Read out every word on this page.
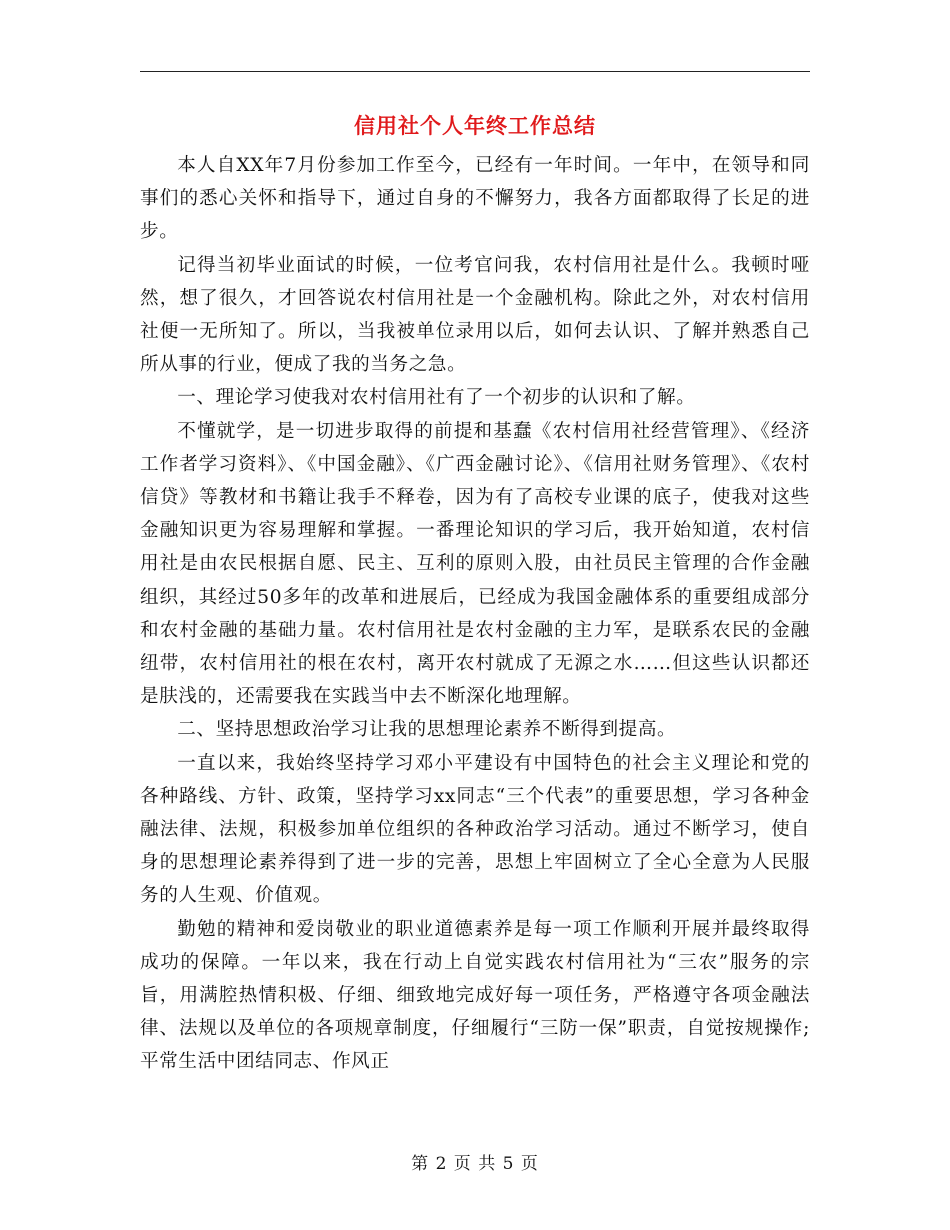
信用社个人年终工作总结

本人自XX年7月份参加工作至今，已经有一年时间。一年中，在领导和同事们的悉心关怀和指导下，通过自身的不懈努力，我各方面都取得了长足的进步。

记得当初毕业面试的时候，一位考官问我，农村信用社是什么。我顿时哑然，想了很久，才回答说农村信用社是一个金融机构。除此之外，对农村信用社便一无所知了。所以，当我被单位录用以后，如何去认识、了解并熟悉自己所从事的行业，便成了我的当务之急。

一、理论学习使我对农村信用社有了一个初步的认识和了解。

不懂就学，是一切进步取得的前提和基蠢《农村信用社经营管理》、《经济工作者学习资料》、《中国金融》、《广西金融讨论》、《信用社财务管理》、《农村信贷》等教材和书籍让我手不释卷，因为有了高校专业课的底子，使我对这些金融知识更为容易理解和掌握。一番理论知识的学习后，我开始知道，农村信用社是由农民根据自愿、民主、互利的原则入股，由社员民主管理的合作金融组织，其经过50多年的改革和进展后，已经成为我国金融体系的重要组成部分和农村金融的基础力量。农村信用社是农村金融的主力军，是联系农民的金融纽带，农村信用社的根在农村，离开农村就成了无源之水……但这些认识都还是肤浅的，还需要我在实践当中去不断深化地理解。

二、坚持思想政治学习让我的思想理论素养不断得到提高。

一直以来，我始终坚持学习邓小平建设有中国特色的社会主义理论和党的各种路线、方针、政策，坚持学习xx同志“三个代表”的重要思想，学习各种金融法律、法规，积极参加单位组织的各种政治学习活动。通过不断学习，使自身的思想理论素养得到了进一步的完善，思想上牢固树立了全心全意为人民服务的人生观、价值观。

勤勉的精神和爱岗敬业的职业道德素养是每一项工作顺利开展并最终取得成功的保障。一年以来，我在行动上自觉实践农村信用社为“三农”服务的宗旨，用满腔热情积极、仔细、细致地完成好每一项任务，严格遵守各项金融法律、法规以及单位的各项规章制度，仔细履行“三防一保”职责，自觉按规操作;平常生活中团结同志、作风正

第 2 页 共 5 页
